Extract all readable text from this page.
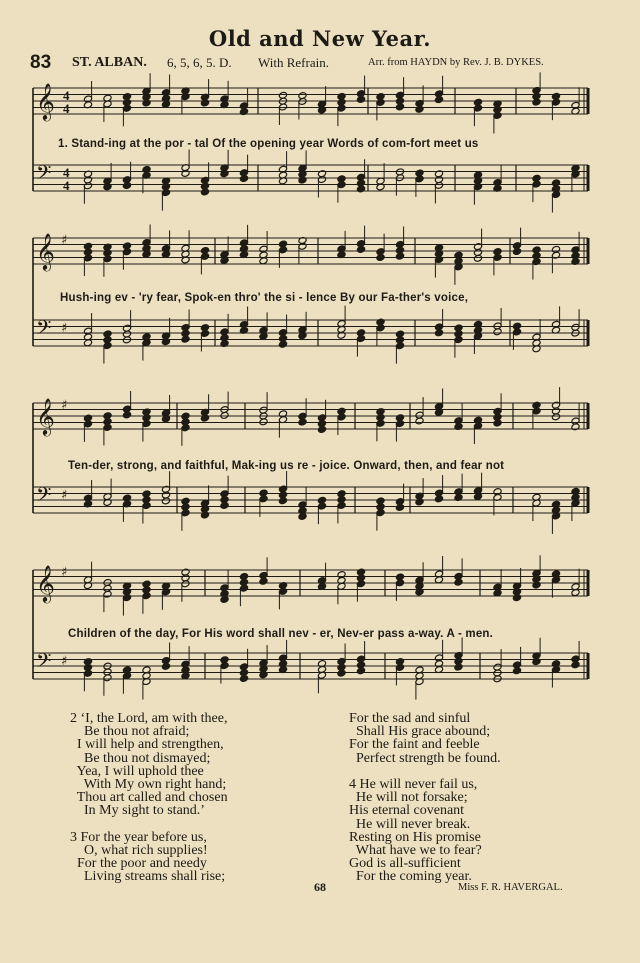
Old and New Year.
83 ST. ALBAN. 6, 5, 6, 5. D. With Refrain.	Arr. from HAYDN by Rev. J. B. DYKES.
𝄞 4
4
𝄢 4
4
𝄞 ♯
𝄢 ♯
𝄞 ♯
𝄢 ♯
𝄞 ♯
𝄢 ♯
1. Stand-ing at the por - tal Of the opening year Words of com-fort meet us
Hush-ing ev - 'ry fear, Spok-en thro' the si - lence By our Fa-ther's voice,
Ten-der, strong, and faithful, Mak-ing us re - joice. Onward, then, and fear not
Children of the day, For His word shall nev - er, Nev-er pass a-way. A - men.
2 ‘I, the Lord, am with thee,
Be thou not afraid;
I will help and strengthen,
Be thou not dismayed;
Yea, I will uphold thee
With My own right hand;
Thou art called and chosen
In My sight to stand.’

3 For the year before us,
O, what rich supplies!
For the poor and needy
Living streams shall rise;
For the sad and sinful
Shall His grace abound;
For the faint and feeble
Perfect strength be found.

4 He will never fail us,
He will not forsake;
His eternal covenant
He will never break.
Resting on His promise
What have we to fear?
God is all-sufficient
For the coming year.
68	Miss F. R. HAVERGAL.
